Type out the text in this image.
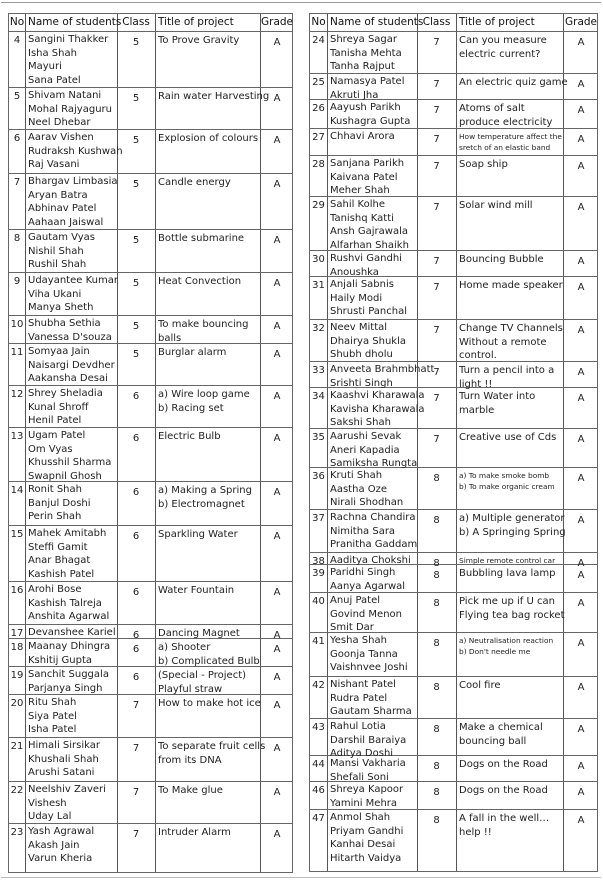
No Name of students Class Title of project	Grade
4 Sangini Thakker
Isha Shah
Mayuri
Sana Patel
5	To Prove Gravity	A
5 Shivam Natani
Mohal Rajyaguru
Neel Dhebar
5	Rain water Harvesting A
6 Aarav Vishen
Rudraksh Kushwah
Raj Vasani
5	Explosion of colours	A
7 Bhargav Limbasia
Aryan Batra
Abhinav Patel
Aahaan Jaiswal
5	Candle energy	A
8 Gautam Vyas
Nishil Shah
Rushil Shah
5	Bottle submarine	A
9 Udayantee Kumar
Viha Ukani
Manya Sheth
5	Heat Convection	A
10 Shubha Sethia
Vanessa D'souza
5	To make bouncing
balls
A
11 Somyaa Jain
Naisargi Devdher
Aakansha Desai
5	Burglar alarm	A
12 Shrey Sheladia
Kunal Shroff
Henil Patel
6	a) Wire loop game
b) Racing set
A
13 Ugam Patel
Om Vyas
Khusshil Sharma
Swapnil Ghosh
6	Electric Bulb	A
14 Ronit Shah
Banjul Doshi
Perin Shah
6	a) Making a Spring
b) Electromagnet
A
15 Mahek Amitabh
Steffi Gamit
Anar Bhagat
Kashish Patel
6	Sparkling Water	A
16 Arohi Bose
Kashish Talreja
Anshita Agarwal
6	Water Fountain	A
17 Devanshee Kariel	6	Dancing Magnet	A
18 Maanay Dhingra
Kshitij Gupta
6	a) Shooter
b) Complicated Bulb
A
19 Sanchit Suggala
Parjanya Singh
6	(Special - Project)
Playful straw
A
20 Ritu Shah
Siya Patel
Isha Patel
7	How to make hot ice	A
21 Himali Sirsikar
Khushali Shah
Arushi Satani
7	To separate fruit cells
from its DNA
A
22 Neelshiv Zaveri
Vishesh
Uday Lal
7	To Make glue	A
23 Yash Agrawal
Akash Jain
Varun Kheria
7	Intruder Alarm	A
No Name of students Class Title of project	Grade
24 Shreya Sagar
Tanisha Mehta
Tanha Rajput
7	Can you measure
electric current?
A
25 Namasya Patel
Akruti Jha
7	An electric quiz game A
26 Aayush Parikh
Kushagra Gupta
7	Atoms of salt
produce electricity
A
27 Chhavi Arora	7	How temperature affect the
sretch of an elastic band
A
28 Sanjana Parikh
Kaivana Patel
Meher Shah
7	Soap ship	A
29 Sahil Kolhe
Tanishq Katti
Ansh Gajrawala
Alfarhan Shaikh
7	Solar wind mill	A
30 Rushvi Gandhi
Anoushka
7	Bouncing Bubble	A
31 Anjali Sabnis
Haily Modi
Shrusti Panchal
7	Home made speaker	A
32 Neev Mittal
Dhairya Shukla
Shubh dholu
7	Change TV Channels
Without a remote
control.
A
33 Anveeta Brahmbhatt
Srishti Singh
7	Turn a pencil into a
light !!
A
34 Kaashvi Kharawala
Kavisha Kharawala
Sakshi Shah
7	Turn Water into
marble
A
35 Aarushi Sevak
Aneri Kapadia
Samiksha Rungta
7	Creative use of Cds	A
36 Kruti Shah
Aastha Oze
Nirali Shodhan
8	a) To make smoke bomb
b) To make organic cream
A
37 Rachna Chandira
Nimitha Sara
Pranitha Gaddam
8	a) Multiple generator
b) A Springing Spring
A
38 Aaditya Chokshi	8	Simple remote control car	A
39 Paridhi Singh
Aanya Agarwal
8	Bubbling lava lamp	A
40 Anuj Patel
Govind Menon
Smit Dar
8	Pick me up if U can
Flying tea bag rocket
A
41 Yesha Shah
Goonja Tanna
Vaishnvee Joshi
8	a) Neutralisation reaction
b) Don't needle me
A
42 Nishant Patel
Rudra Patel
Gautam Sharma
8	Cool fire	A
43 Rahul Lotia
Darshil Baraiya
Aditya Doshi
8	Make a chemical
bouncing ball
A
44 Mansi Vakharia
Shefali Soni
8	Dogs on the Road	A
46 Shreya Kapoor
Yamini Mehra
8	Dogs on the Road	A
47 Anmol Shah
Priyam Gandhi
Kanhai Desai
Hitarth Vaidya
8	A fall in the well…
help !!
A
